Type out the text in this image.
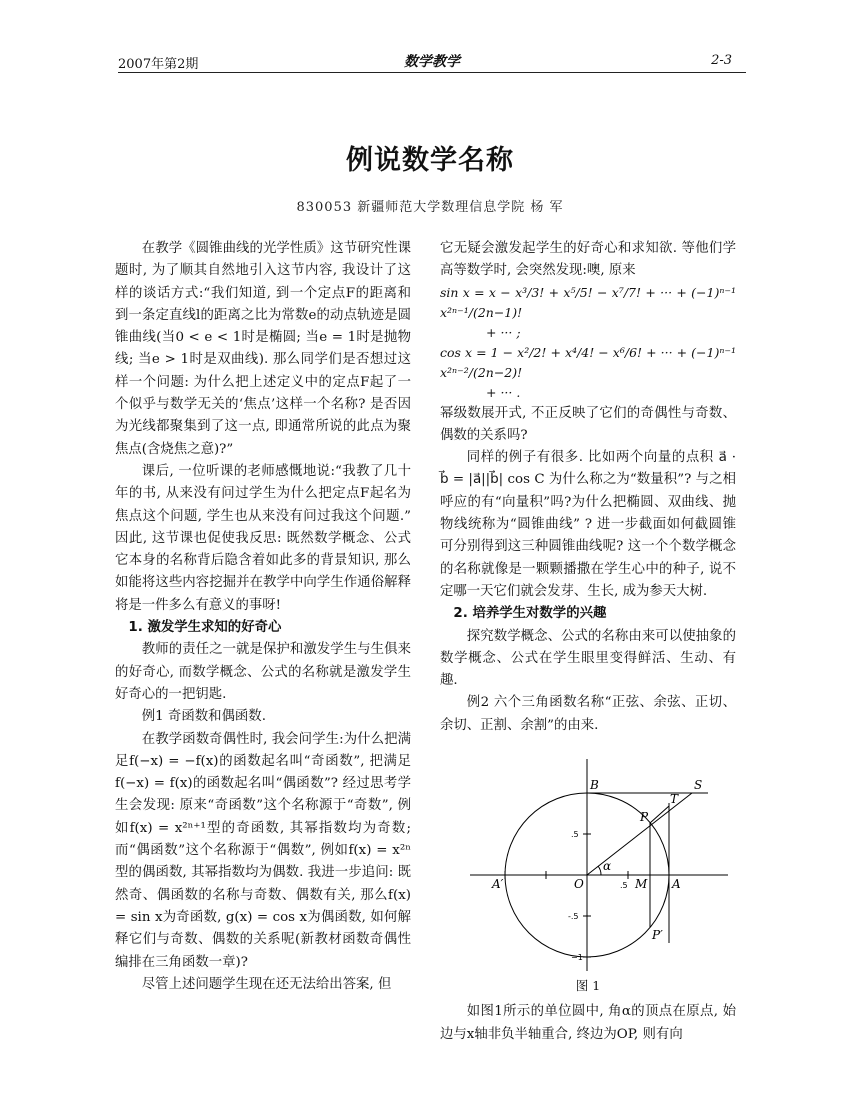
2007年第2期	数学教学	2-3
例说数学名称
830053 新疆师范大学数理信息学院 杨 军

在教学《圆锥曲线的光学性质》这节研究性课题时, 为了顺其自然地引入这节内容, 我设计了这样的谈话方式:“我们知道, 到一个定点F的距离和到一条定直线l的距离之比为常数e的动点轨迹是圆锥曲线(当0 < e < 1时是椭圆; 当e = 1时是抛物线; 当e > 1时是双曲线). 那么同学们是否想过这样一个问题: 为什么把上述定义中的定点F起了一个似乎与数学无关的‘焦点’这样一个名称? 是否因为光线都聚集到了这一点, 即通常所说的此点为聚焦点(含烧焦之意)?”

课后, 一位听课的老师感慨地说:“我教了几十年的书, 从来没有问过学生为什么把定点F起名为焦点这个问题, 学生也从来没有问过我这个问题.” 因此, 这节课也促使我反思: 既然数学概念、公式它本身的名称背后隐含着如此多的背景知识, 那么如能将这些内容挖掘并在教学中向学生作通俗解释将是一件多么有意义的事呀!

1. 激发学生求知的好奇心

教师的责任之一就是保护和激发学生与生俱来的好奇心, 而数学概念、公式的名称就是激发学生好奇心的一把钥匙.

例1 奇函数和偶函数.

在教学函数奇偶性时, 我会问学生:为什么把满足f(−x) = −f(x)的函数起名叫“奇函数”, 把满足f(−x) = f(x)的函数起名叫“偶函数”? 经过思考学生会发现: 原来“奇函数”这个名称源于“奇数”, 例如f(x) = x²ⁿ⁺¹型的奇函数, 其幂指数均为奇数; 而“偶函数”这个名称源于“偶数”, 例如f(x) = x²ⁿ型的偶函数, 其幂指数均为偶数. 我进一步追问: 既然奇、偶函数的名称与奇数、偶数有关, 那么f(x) = sin x为奇函数, g(x) = cos x为偶函数, 如何解释它们与奇数、偶数的关系呢(新教材函数奇偶性编排在三角函数一章)?

尽管上述问题学生现在还无法给出答案, 但

它无疑会激发起学生的好奇心和求知欲. 等他们学高等数学时, 会突然发现:噢, 原来

sin x = x − x³/3! + x⁵/5! − x⁷/7! + ··· + (−1)ⁿ⁻¹ x²ⁿ⁻¹/(2n−1)!
+ ··· ;
cos x = 1 − x²/2! + x⁴/4! − x⁶/6! + ··· + (−1)ⁿ⁻¹ x²ⁿ⁻²/(2n−2)!
+ ··· .

幂级数展开式, 不正反映了它们的奇偶性与奇数、偶数的关系吗?

同样的例子有很多. 比如两个向量的点积 a⃗ · b⃗ = |a⃗||b⃗| cos C 为什么称之为“数量积”? 与之相呼应的有“向量积”吗?为什么把椭圆、双曲线、抛物线统称为“圆锥曲线” ? 进一步截面如何截圆锥可分别得到这三种圆锥曲线呢? 这一个个数学概念的名称就像是一颗颗播撒在学生心中的种子, 说不定哪一天它们就会发芽、生长, 成为参天大树.

2. 培养学生对数学的兴趣

探究数学概念、公式的名称由来可以使抽象的数学概念、公式在学生眼里变得鲜活、生动、有趣.

例2 六个三角函数名称“正弦、余弦、正切、余切、正割、余割”的由来.

B	S
T
P
A′	O
α
M A
P′
.5
-.5
−1
.5
图 1

如图1所示的单位圆中, 角α的顶点在原点, 始边与x轴非负半轴重合, 终边为OP, 则有向
